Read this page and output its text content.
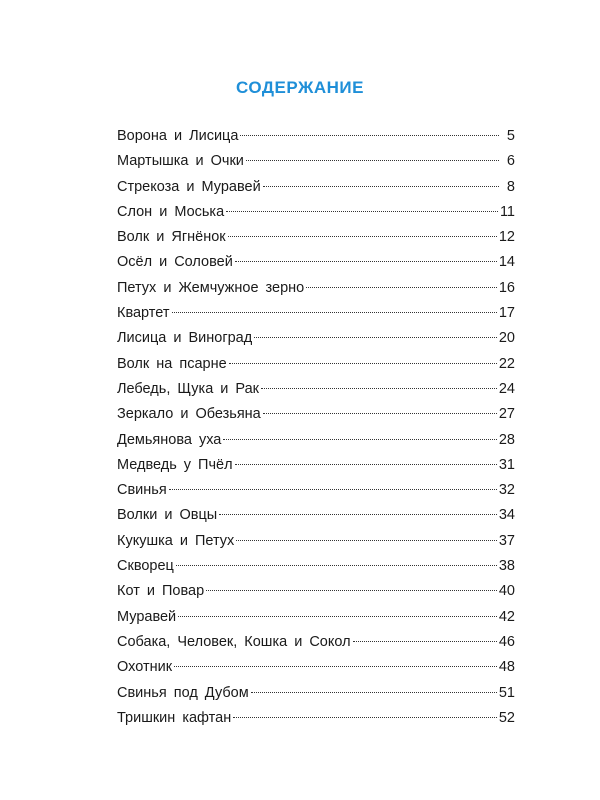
СОДЕРЖАНИЕ
Ворона и Лисица	5
Мартышка и Очки	6
Стрекоза и Муравей	8
Слон и Моська	11
Волк и Ягнёнок	12
Осёл и Соловей	14
Петух и Жемчужное зерно	16
Квартет	17
Лисица и Виноград	20
Волк на псарне	22
Лебедь, Щука и Рак	24
Зеркало и Обезьяна	27
Демьянова уха	28
Медведь у Пчёл	31
Свинья	32
Волки и Овцы	34
Кукушка и Петух	37
Скворец	38
Кот и Повар	40
Муравей	42
Собака, Человек, Кошка и Сокол	46
Охотник	48
Свинья под Дубом	51
Тришкин кафтан	52
